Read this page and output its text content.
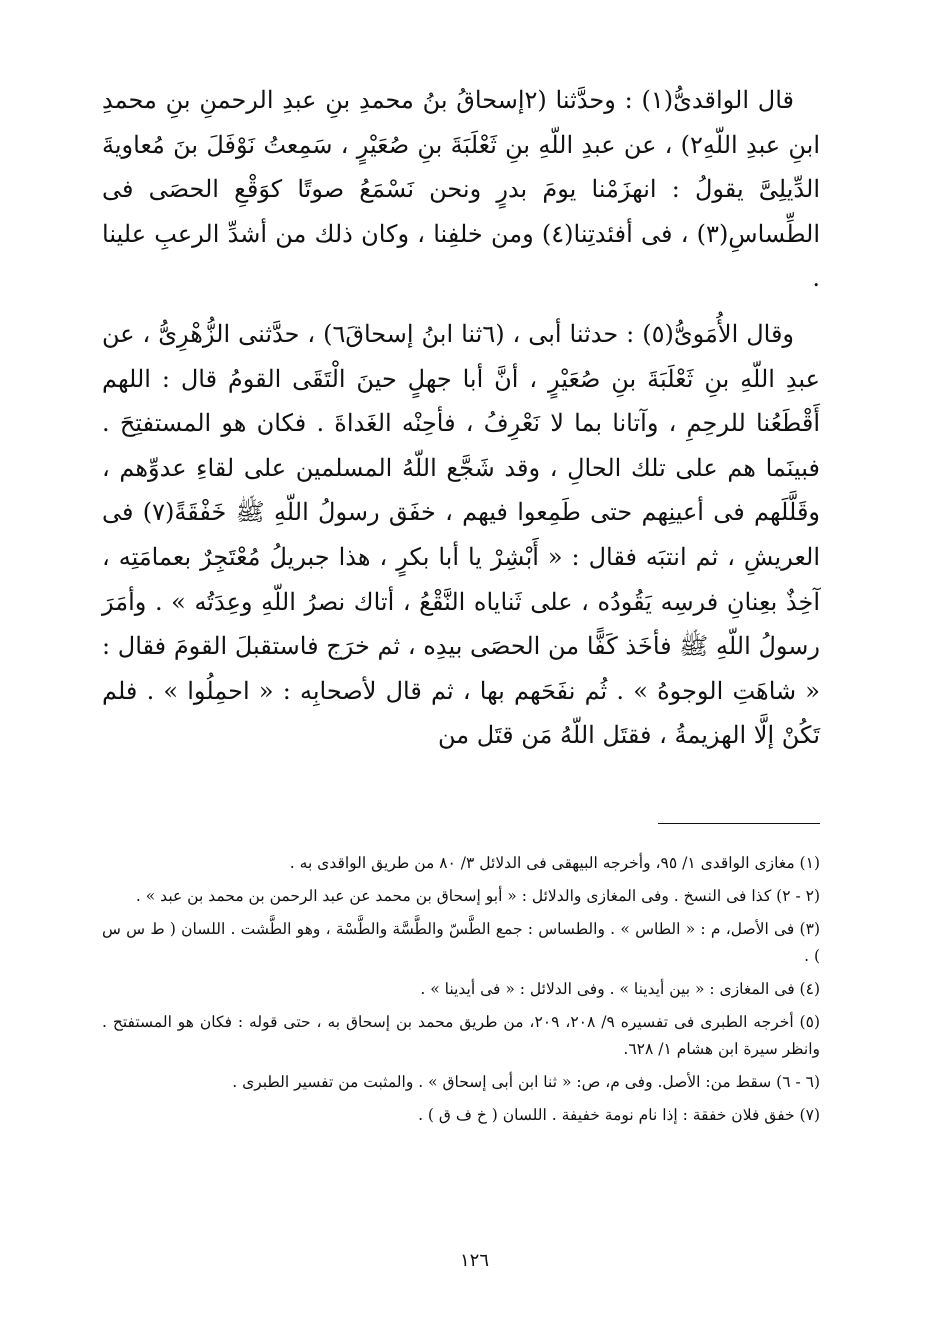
قال الواقدىُّ(١) : وحدَّثنا (٢إسحاقُ بنُ محمدِ بنِ عبدِ الرحمنِ بنِ محمدِ ابنِ عبدِ اللّهِ٢) ، عن عبدِ اللّهِ بنِ ثَعْلَبَةَ بنِ صُعَيْرٍ ، سَمِعتُ نَوْفَلَ بنَ مُعاويةَ الدِّيلِىَّ يقولُ : انهزَمْنا يومَ بدرٍ ونحن نَسْمَعُ صوتًا كوَقْعِ الحصَى فى الطِّساسِ(٣) ، فى أفئدتِنا(٤) ومن خلفِنا ، وكان ذلك من أشدِّ الرعبِ علينا .

وقال الأُمَوىُّ(٥) : حدثنا أبى ، (٦ثنا ابنُ إسحاقَ٦) ، حدَّثنى الزُّهْرِىُّ ، عن عبدِ اللّهِ بنِ ثَعْلَبَةَ بنِ صُعَيْرٍ ، أنَّ أبا جهلٍ حينَ الْتَقَى القومُ قال : اللهم أَقْطَعُنا للرحِمِ ، وآتانا بما لا نَعْرِفُ ، فأحِنْه الغَداةَ . فكان هو المستفتِحَ . فبينَما هم على تلك الحالِ ، وقد شَجَّع اللّهُ المسلمين على لقاءِ عدوِّهم ، وقَلَّلَهم فى أعينِهم حتى طَمِعوا فيهم ، خفَق رسولُ اللّهِ ﷺ خَفْقَةً(٧) فى العريشِ ، ثم انتبَه فقال : « أَبْشِرْ يا أبا بكرٍ ، هذا جبريلُ مُعْتَجِرٌ بعمامَتِه ، آخِذٌ بعِنانِ فرسِه يَقُودُه ، على ثَناياه النَّقْعُ ، أتاك نصرُ اللّهِ وعِدَتُه » . وأمَرَ رسولُ اللّهِ ﷺ فأخَذ كَفًّا من الحصَى بيدِه ، ثم خرَج فاستقبلَ القومَ فقال : « شاهَتِ الوجوهُ » . ثُم نفَحَهم بها ، ثم قال لأصحابِه : « احمِلُوا » . فلم تَكُنْ إلَّا الهزيمةُ ، فقتَل اللّهُ مَن قتَل من

(١) مغازى الواقدى ١/ ٩٥، وأخرجه البيهقى فى الدلائل ٣/ ٨٠ من طريق الواقدى به .

(٢ - ٢) كذا فى النسخ . وفى المغازى والدلائل : « أبو إسحاق بن محمد عن عبد الرحمن بن محمد بن عبد » .

(٣) فى الأصل، م : « الطاس » . والطساس : جمع الطَّسّ والطَّسَّة والطَّسْة ، وهو الطَّشت . اللسان ( ط س س ) .

(٤) فى المغازى : « بين أيدينا » . وفى الدلائل : « فى أيدينا » .

(٥) أخرجه الطبرى فى تفسيره ٩/ ٢٠٨، ٢٠٩، من طريق محمد بن إسحاق به ، حتى قوله : فكان هو المستفتح . وانظر سيرة ابن هشام ١/ ٦٢٨.

(٦ - ٦) سقط من: الأصل. وفى م، ص: « ثنا ابن أبى إسحاق » . والمثبت من تفسير الطبرى .

(٧) خفق فلان خفقة : إذا نام نومة خفيفة . اللسان ( خ ف ق ) .

١٢٦
